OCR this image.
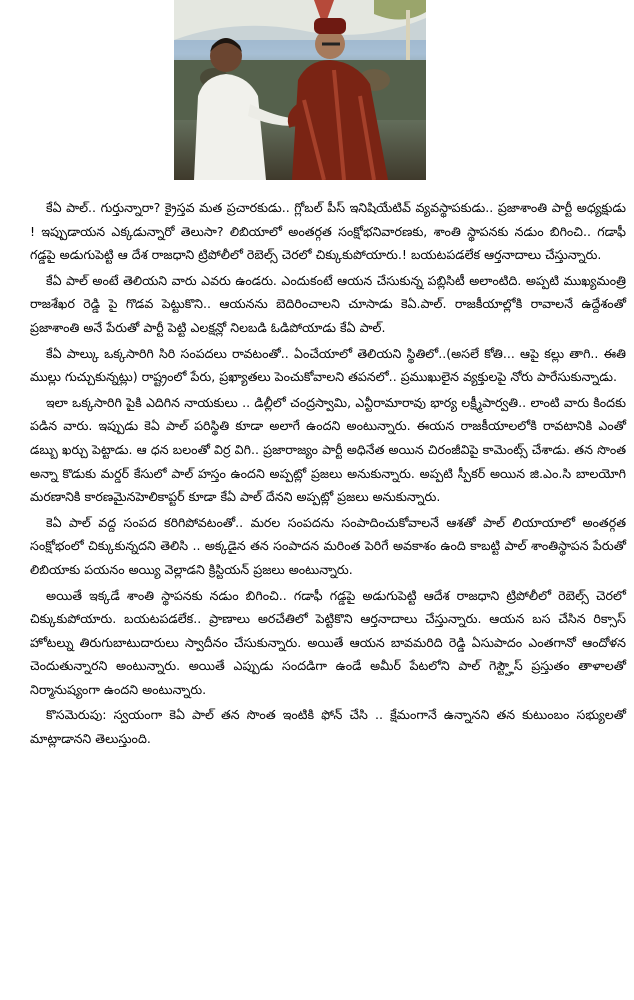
కేఏ పాల్.. గుర్తున్నారా? క్రైస్తవ మత ప్రచారకుడు.. గ్లోబల్ పీస్ ఇనిషియేటివ్ వ్యవస్థాపకుడు.. ప్రజాశాంతి పార్టీ అధ్యక్షుడు ! ఇప్పుడాయన ఎక్కడున్నారో తెలుసా? లిబియాలో అంతర్గత సంక్షోభనివారణకు, శాంతి స్థాపనకు నడుం బిగించి.. గడాఫీ గడ్డపై అడుగుపెట్టి ఆ దేశ రాజధాని ట్రిపోలీలో రెబెల్స్ చెరలో చిక్కుకుపోయారు.! బయటపడలేక ఆర్తనాదాలు చేస్తున్నారు.

కేఏ పాల్ అంటే తెలియని వారు ఎవరు ఉండరు. ఎందుకంటే ఆయన చేసుకున్న పబ్లిసిటీ అలాంటిది. అప్పటి ముఖ్యమంత్రి రాజశేఖర రెడ్డి పై గొడవ పెట్టుకొని.. ఆయనను బెదిరించాలని చూసాడు కెఏ.పాల్. రాజకీయాల్లోకి రావాలనే ఉద్దేశంతో ప్రజాశాంతి అనే పేరుతో పార్టీ పెట్టి ఎలక్షన్లో నిలబడి ఓడిపోయాడు కేఏ పాల్.

కేఏ పాల్కు ఒక్కసారిగి సిరి సంపదలు రావటంతో.. ఏంచేయాలో తెలియని స్థితిలో..(అసలే కోతి... ఆపై కల్లు తాగి.. ఈతి ముల్లు గుచ్చుకున్నట్లు) రాష్ట్రంలో పేరు, ప్రఖ్యాతలు పెంచుకోవాలని తపనలో.. ప్రముఖులైన వ్యక్తులపై నోరు పారేసుకున్నాడు.

ఇలా ఒక్కసారిగి పైకి ఎదిగిన నాయకులు .. డిల్లీలో చంద్రస్వామి, ఎన్టీరామారావు భార్య లక్ష్మీపార్వతి.. లాంటి వారు కిందకు పడిన వారు. ఇప్పుడు కెఏ పాల్ పరిస్థితి కూడా అలాగే ఉందని అంటున్నారు. ఈయన రాజకీయాలలోకి రావటానికి ఎంతో డబ్బు ఖర్చు పెట్టాడు. ఆ ధన బలంతో విర్ర విగి.. ప్రజారాజ్యం పార్టీ అధినేత అయిన చిరంజీవిపై కామెంట్స్ చేశాడు. తన సొంత అన్నా కొడుకు మర్డర్ కేసులో పాల్ హస్తం ఉందని అప్పట్లో ప్రజలు అనుకున్నారు. అప్పటి స్పీకర్ అయిన జి.ఎం.సి బాలయోగి మరణానికి కారణమైనహెలికాప్టర్ కూడా కేఏ పాల్ దేనని అప్పట్లో ప్రజలు అనుకున్నారు.

కెఏ పాల్ వద్ద సంపద కరిగిపోవటంతో.. మరల సంపదను సంపాదించుకోవాలనే ఆశతో పాల్ లియాయాలో అంతర్గత సంక్షోభంలో చిక్కుకున్నదని తెలిసి .. అక్కడైన తన సంపాదన మరింత పెరిగే అవకాశం ఉంది కాబట్టి పాల్ శాంతిస్థాపన పేరుతో లిబియాకు పయనం అయ్యి వెల్లాడని క్రిస్టియన్ ప్రజలు అంటున్నారు.

అయితే ఇక్కడే శాంతి స్థాపనకు నడుం బిగించి.. గడాఫీ గడ్డపై అడుగుపెట్టి ఆదేశ రాజధాని ట్రిపోలీలో రెబెల్స్ చెరలో చిక్కుకుపోయారు. బయటపడలేక.. ప్రాణాలు అరచేతిలో పెట్టికొని ఆర్తనాదాలు చేస్తున్నారు. ఆయన బస చేసిన రిక్సాస్ హోటల్ను తిరుగుబాటుదారులు స్వాదీనం చేసుకున్నారు. అయితే ఆయన బావమరిది రెడ్డి ఏసుపాదం ఎంతగానో ఆందోళన చెందుతున్నారని అంటున్నారు. అయితే ఎప్పుడు సందడిగా ఉండే అమీర్ పేటలోని పాల్ గెస్ట్హౌస్ ప్రస్తుతం తాళాలతో నిర్మానుష్యంగా ఉందని అంటున్నారు.

కొసమెరుపు: స్వయంగా కెఏ పాల్ తన సొంత ఇంటికి ఫోన్ చేసి .. క్షేమంగానే ఉన్నానని తన కుటుంబం సభ్యులతో మాట్లాడానని తెలుస్తుంది.
